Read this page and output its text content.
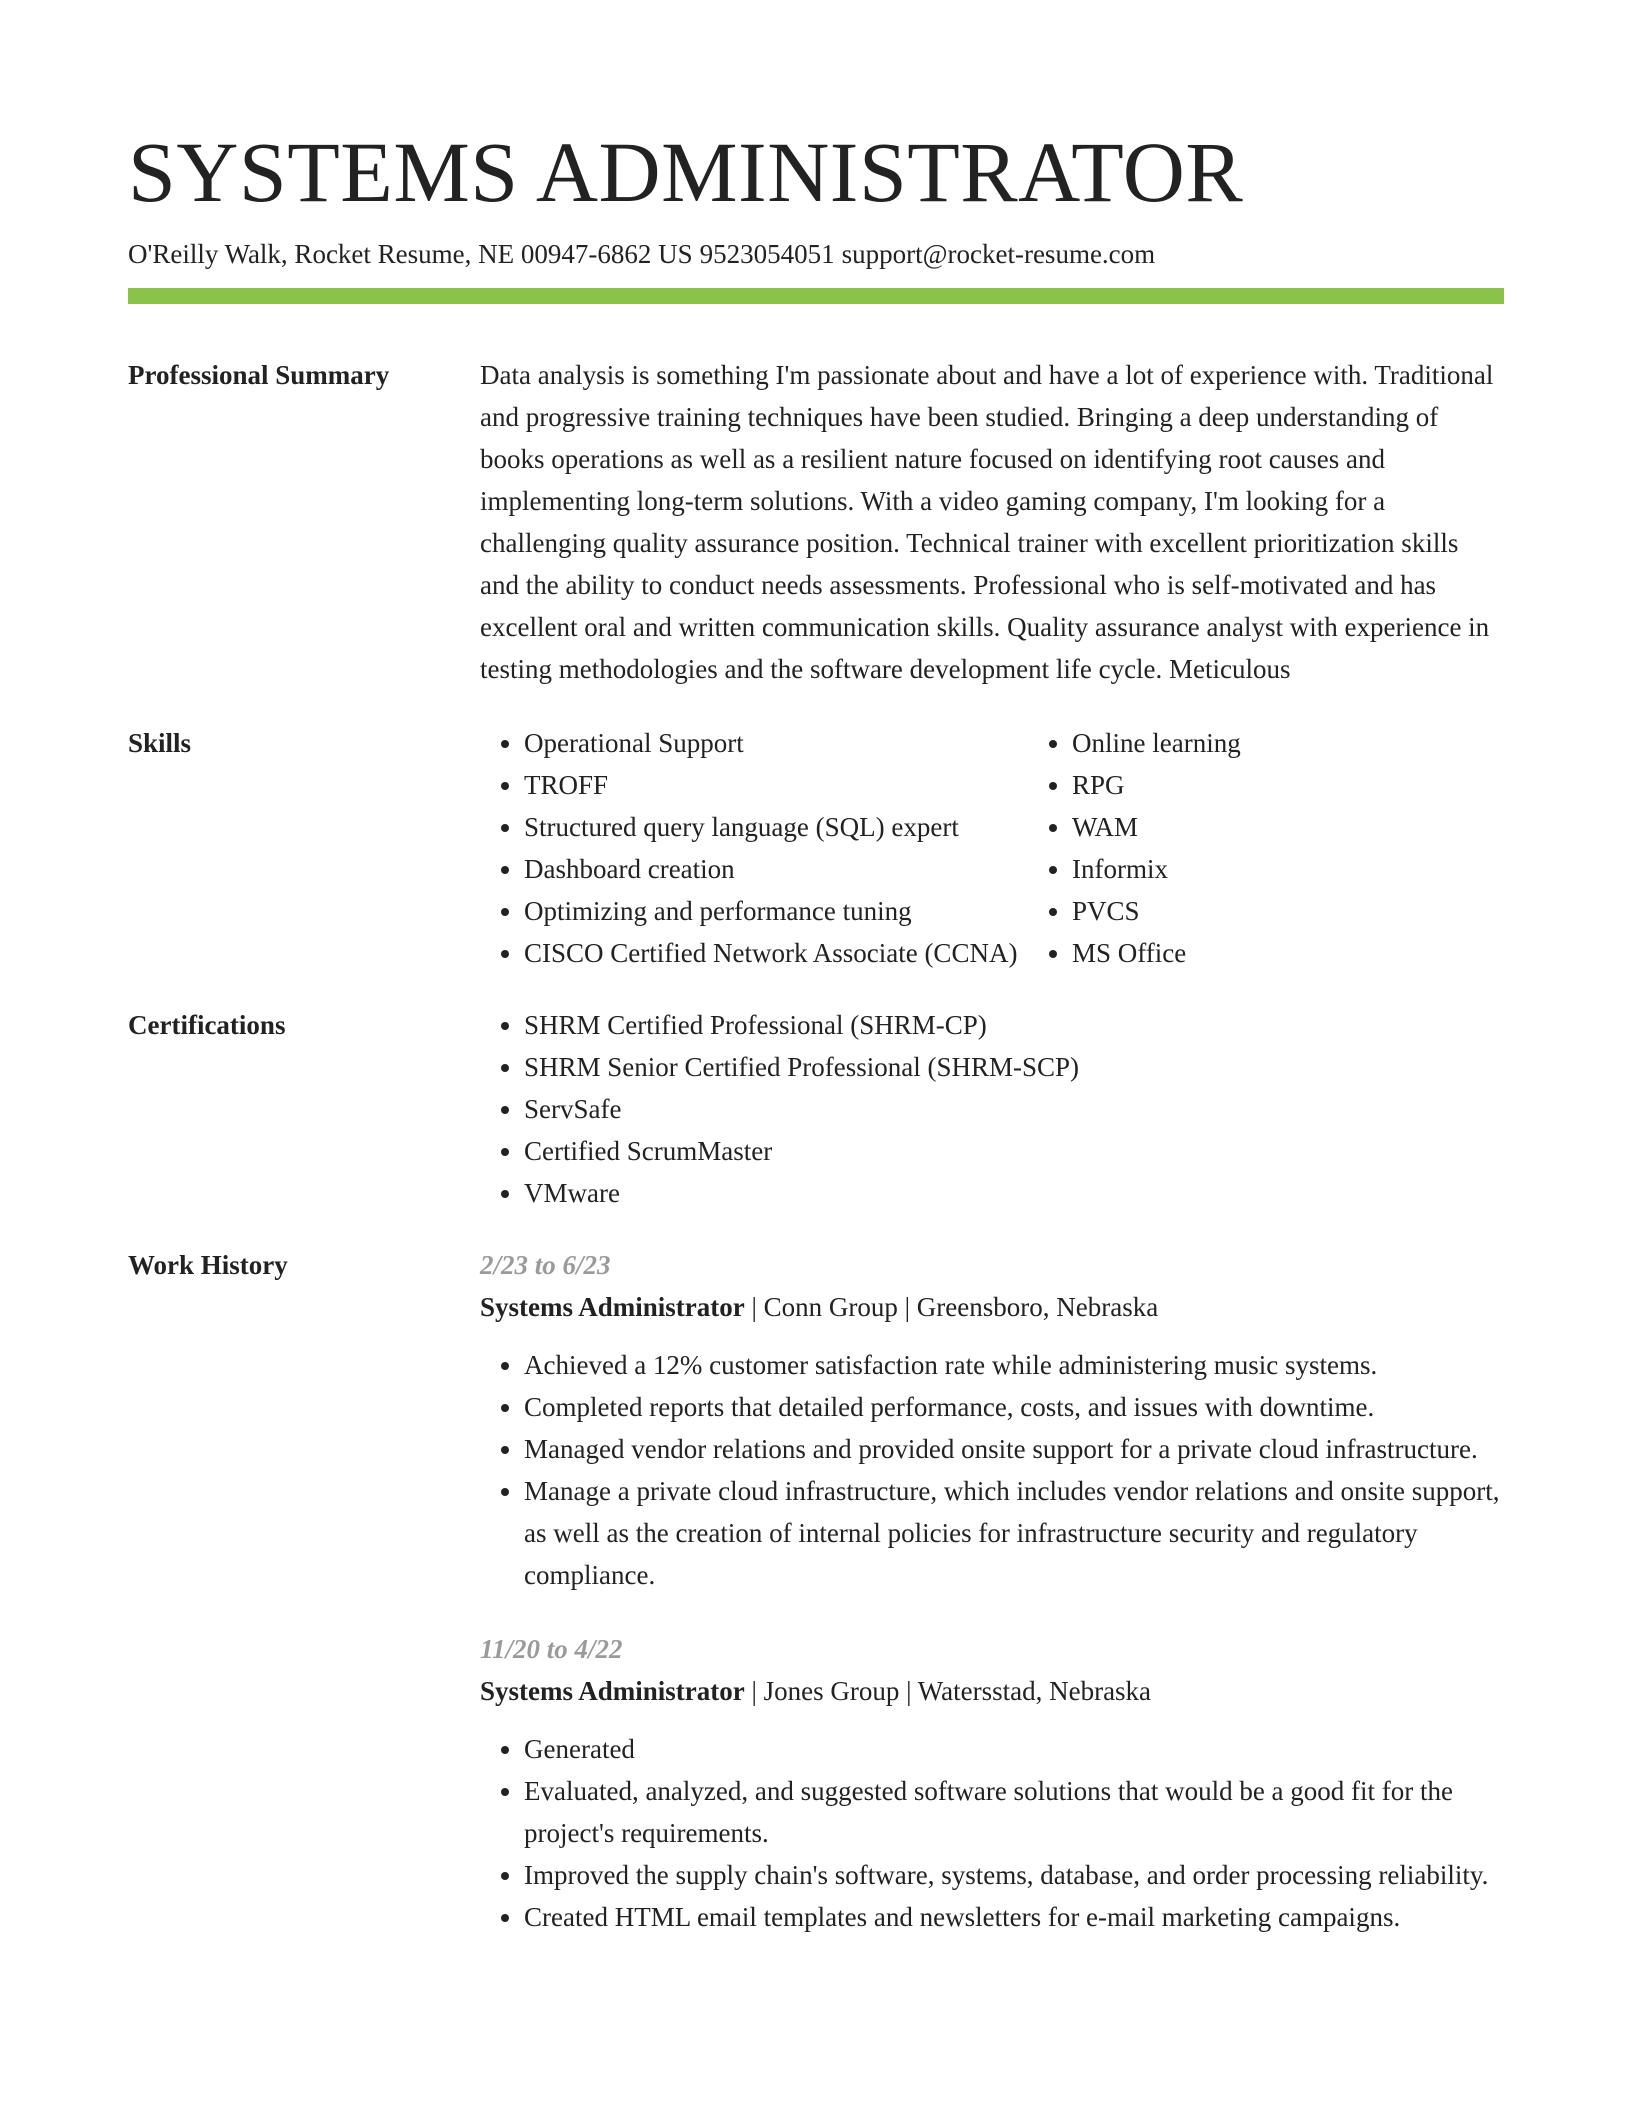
SYSTEMS ADMINISTRATOR
O'Reilly Walk, Rocket Resume, NE 00947-6862 US 9523054051 support@rocket-resume.com
Professional Summary	Data analysis is something I'm passionate about and have a lot of experience with. Traditional and progressive training techniques have been studied. Bringing a deep understanding of books operations as well as a resilient nature focused on identifying root causes and implementing long-term solutions. With a video gaming company, I'm looking for a challenging quality assurance position. Technical trainer with excellent prioritization skills and the ability to conduct needs assessments. Professional who is self-motivated and has excellent oral and written communication skills. Quality assurance analyst with experience in testing methodologies and the software development life cycle. Meticulous
Skills	• Operational Support
• TROFF
• Structured query language (SQL) expert
• Dashboard creation
• Optimizing and performance tuning
• CISCO Certified Network Associate (CCNA)
• Online learning
• RPG
• WAM
• Informix
• PVCS
• MS Office
Certifications	• SHRM Certified Professional (SHRM-CP)
• SHRM Senior Certified Professional (SHRM-SCP)
• ServSafe
• Certified ScrumMaster
• VMware
Work History	2/23 to 6/23
Systems Administrator | Conn Group | Greensboro, Nebraska
• Achieved a 12% customer satisfaction rate while administering music systems.
• Completed reports that detailed performance, costs, and issues with downtime.
• Managed vendor relations and provided onsite support for a private cloud infrastructure.
• Manage a private cloud infrastructure, which includes vendor relations and onsite support, as well as the creation of internal policies for infrastructure security and regulatory compliance.
11/20 to 4/22
Systems Administrator | Jones Group | Watersstad, Nebraska
• Generated
• Evaluated, analyzed, and suggested software solutions that would be a good fit for the project's requirements.
• Improved the supply chain's software, systems, database, and order processing reliability.
• Created HTML email templates and newsletters for e-mail marketing campaigns.
